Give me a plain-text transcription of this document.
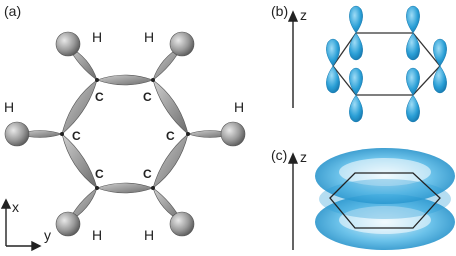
(a)
C	C
C	C
C	C
H	H
H	H
H	H
x
y
(b) z
(c) z
